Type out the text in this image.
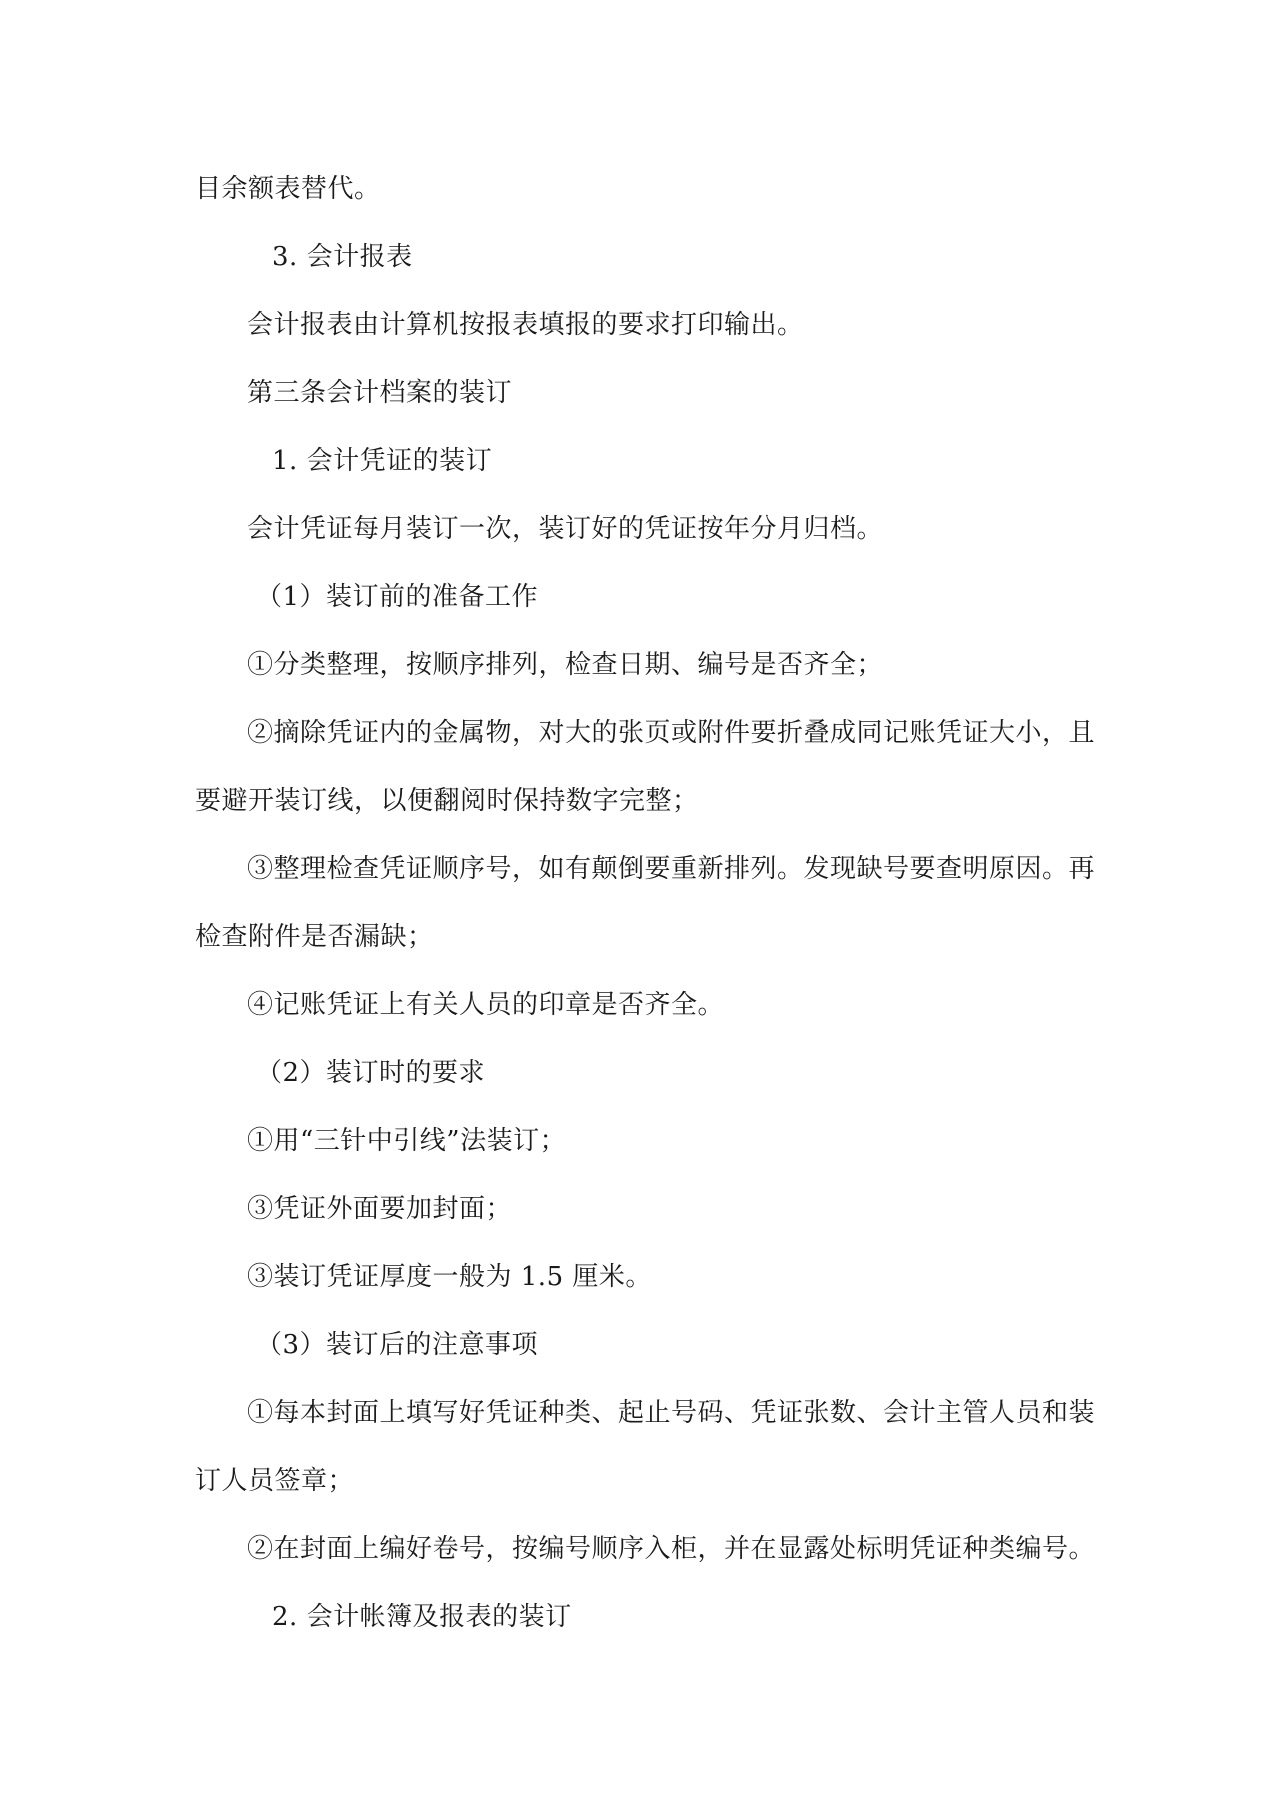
目余额表替代。
3. 会计报表
会计报表由计算机按报表填报的要求打印输出。
第三条会计档案的装订
1. 会计凭证的装订
会计凭证每月装订一次，装订好的凭证按年分月归档。
（1）装订前的准备工作
①分类整理，按顺序排列，检查日期、编号是否齐全；
②摘除凭证内的金属物，对大的张页或附件要折叠成同记账凭证大小，且
要避开装订线，以便翻阅时保持数字完整；
③整理检查凭证顺序号，如有颠倒要重新排列。发现缺号要查明原因。再
检查附件是否漏缺；
④记账凭证上有关人员的印章是否齐全。
（2）装订时的要求
①用“三针中引线”法装订；
③凭证外面要加封面；
③装订凭证厚度一般为 1.5 厘米。
（3）装订后的注意事项
①每本封面上填写好凭证种类、起止号码、凭证张数、会计主管人员和装
订人员签章；
②在封面上编好卷号，按编号顺序入柜，并在显露处标明凭证种类编号。
2. 会计帐簿及报表的装订
